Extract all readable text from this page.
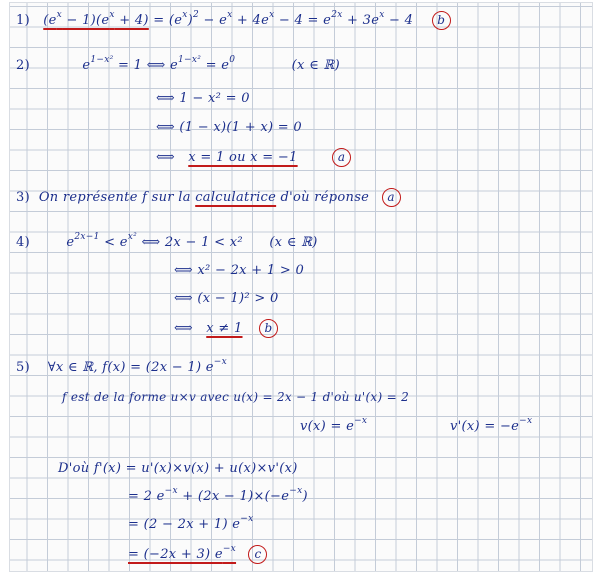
1) $(e^x - 1)(e^x + 4) = (e^x)^2 - e^x + 4e^x - 4 = e^{2x} + 3e^x - 4$ b
2)	$e^{1-x^2} = 1$ ⟺ $e^{1-x^2} = e^0$	(x ∈ ℝ)
⟺ 1 − x² = 0
⟺ (1 − x)(1 + x) = 0
⟺ x = 1 ou x = −1	a
3) On représente f sur la calculatrice d'où réponse a
4)	$e^{2x-1} < e^{x^2}$ ⟺ 2x − 1 < x² (x ∈ ℝ)
⟺ x² − 2x + 1 > 0
⟺ (x − 1)² > 0
⟺ x ≠ 1 b
5) ∀x ∈ ℝ, f(x) = (2x − 1) $e^{-x}$
f est de la forme u×v avec u(x) = 2x − 1 d'où u'(x) = 2
$v(x) = e^{-x}$	$v'(x) = -e^{-x}$
D'où f'(x) = u'(x)×v(x) + u(x)×v'(x)
= 2 $e^{-x} + (2x - 1)\times(-e^{-x})$
= (2 − 2x + 1) $e^{-x}$
= (−2x + 3) $e^{-x}$ c
